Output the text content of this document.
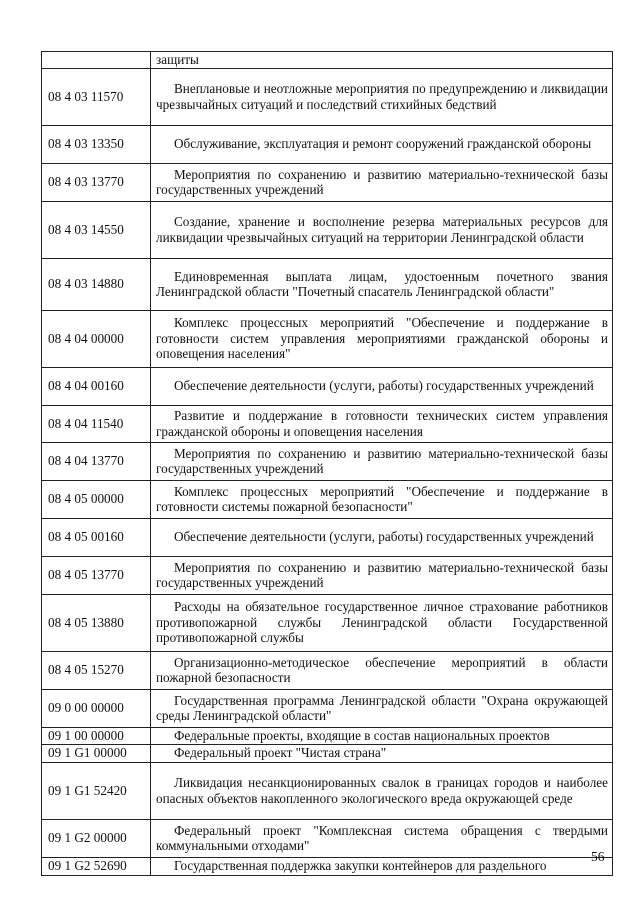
	защиты
08 4 03 11570	Внеплановые и неотложные мероприятия по предупреждению и ликвидации чрезвычайных ситуаций и последствий стихийных бедствий
08 4 03 13350	Обслуживание, эксплуатация и ремонт сооружений гражданской обороны
08 4 03 13770	Мероприятия по сохранению и развитию материально-технической базы государственных учреждений
08 4 03 14550	Создание, хранение и восполнение резерва материальных ресурсов для ликвидации чрезвычайных ситуаций на территории Ленинградской области
08 4 03 14880	Единовременная выплата лицам, удостоенным почетного звания Ленинградской области "Почетный спасатель Ленинградской области"
08 4 04 00000	Комплекс процессных мероприятий "Обеспечение и поддержание в готовности систем управления мероприятиями гражданской обороны и оповещения населения"
08 4 04 00160	Обеспечение деятельности (услуги, работы) государственных учреждений
08 4 04 11540	Развитие и поддержание в готовности технических систем управления гражданской обороны и оповещения населения
08 4 04 13770	Мероприятия по сохранению и развитию материально-технической базы государственных учреждений
08 4 05 00000	Комплекс процессных мероприятий "Обеспечение и поддержание в готовности системы пожарной безопасности"
08 4 05 00160	Обеспечение деятельности (услуги, работы) государственных учреждений
08 4 05 13770	Мероприятия по сохранению и развитию материально-технической базы государственных учреждений
08 4 05 13880	Расходы на обязательное государственное личное страхование работников противопожарной службы Ленинградской области Государственной противопожарной службы
08 4 05 15270	Организационно-методическое обеспечение мероприятий в области пожарной безопасности
09 0 00 00000	Государственная программа Ленинградской области "Охрана окружающей среды Ленинградской области"
09 1 00 00000	Федеральные проекты, входящие в состав национальных проектов
09 1 G1 00000	Федеральный проект "Чистая страна"
09 1 G1 52420	Ликвидация несанкционированных свалок в границах городов и наиболее опасных объектов накопленного экологического вреда окружающей среде
09 1 G2 00000	Федеральный проект "Комплексная система обращения с твердыми коммунальными отходами"
09 1 G2 52690	Государственная поддержка закупки контейнеров для раздельного
56
